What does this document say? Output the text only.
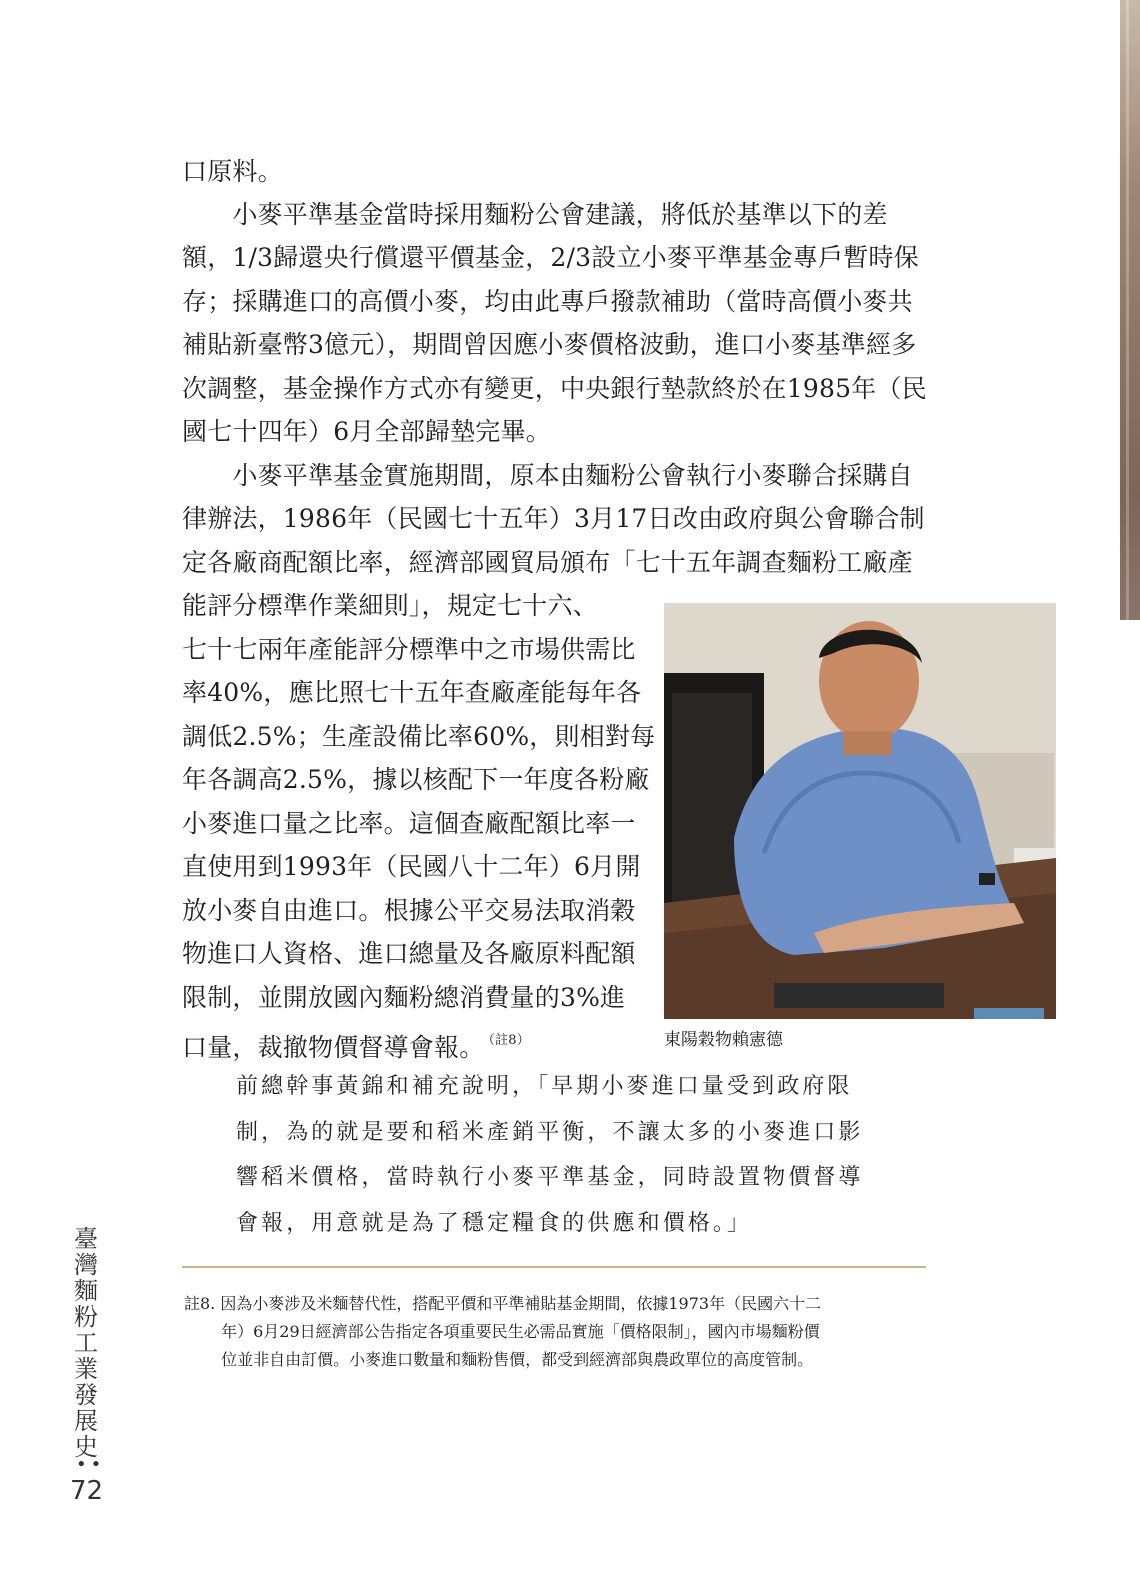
口原料。
　　小麥平準基金當時採用麵粉公會建議，將低於基準以下的差
額，1/3歸還央行償還平價基金，2/3設立小麥平準基金專戶暫時保
存；採購進口的高價小麥，均由此專戶撥款補助（當時高價小麥共
補貼新臺幣3億元），期間曾因應小麥價格波動，進口小麥基準經多
次調整，基金操作方式亦有變更，中央銀行墊款終於在1985年（民
國七十四年）6月全部歸墊完畢。
　　小麥平準基金實施期間，原本由麵粉公會執行小麥聯合採購自
律辦法，1986年（民國七十五年）3月17日改由政府與公會聯合制
定各廠商配額比率，經濟部國貿局頒布「七十五年調查麵粉工廠產
能評分標準作業細則」，規定七十六、
七十七兩年產能評分標準中之市場供需比
率40%，應比照七十五年查廠產能每年各
調低2.5%；生產設備比率60%，則相對每
年各調高2.5%，據以核配下一年度各粉廠
小麥進口量之比率。這個查廠配額比率一
直使用到1993年（民國八十二年）6月開
放小麥自由進口。根據公平交易法取消穀
物進口人資格、進口總量及各廠原料配額
限制，並開放國內麵粉總消費量的3%進
口量，裁撤物價督導會報。 $^{(註8)}$	東陽穀物賴憲德
前總幹事黃錦和補充說明，「早期小麥進口量受到政府限
制，為的就是要和稻米產銷平衡，不讓太多的小麥進口影
響稻米價格，當時執行小麥平準基金，同時設置物價督導
會報，用意就是為了穩定糧食的供應和價格。」
註8. 因為小麥涉及米麵替代性，搭配平價和平準補貼基金期間，依據1973年（民國六十二
　　 年）6月29日經濟部公告指定各項重要民生必需品實施「價格限制」，國內市場麵粉價
　　 位並非自由訂價。小麥進口數量和麵粉售價，都受到經濟部與農政單位的高度管制。
臺
灣
麵
粉
工
業
發
展
史
••
72
